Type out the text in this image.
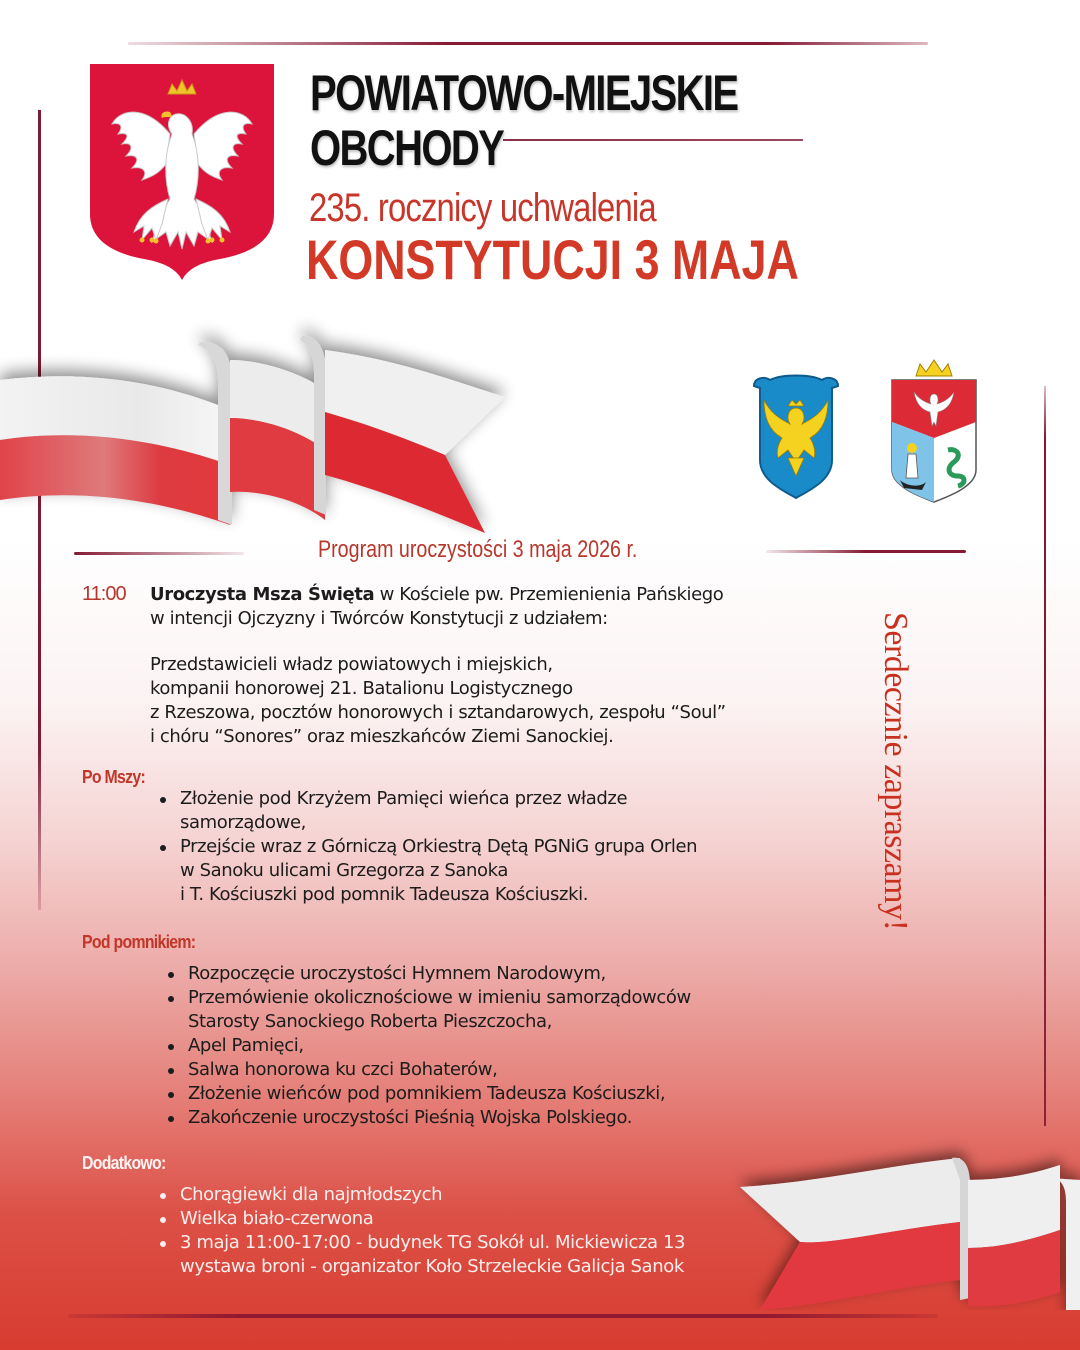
POWIATOWO-MIEJSKIE
OBCHODY
235. rocznicy uchwalenia
KONSTYTUCJI 3 MAJA
Program uroczystości 3 maja 2026 r.
11:00 Uroczysta Msza Święta w Kościele pw. Przemienienia Pańskiego
w intencji Ojczyzny i Twórców Konstytucji z udziałem:
Przedstawicieli władz powiatowych i miejskich,
kompanii honorowej 21. Batalionu Logistycznego
z Rzeszowa, pocztów honorowych i sztandarowych, zespołu “Soul”
i chóru “Sonores” oraz mieszkańców Ziemi Sanockiej.
Po Mszy:
Złożenie pod Krzyżem Pamięci wieńca przez władze
samorządowe,
Przejście wraz z Górniczą Orkiestrą Dętą PGNiG grupa Orlen
w Sanoku ulicami Grzegorza z Sanoka
i T. Kościuszki pod pomnik Tadeusza Kościuszki.
Pod pomnikiem:
Rozpoczęcie uroczystości Hymnem Narodowym,
Przemówienie okolicznościowe w imieniu samorządowców
Starosty Sanockiego Roberta Pieszczocha,
Apel Pamięci,
Salwa honorowa ku czci Bohaterów,
Złożenie wieńców pod pomnikiem Tadeusza Kościuszki,
Zakończenie uroczystości Pieśnią Wojska Polskiego.
Dodatkowo:
Chorągiewki dla najmłodszych
Wielka biało-czerwona
3 maja 11:00-17:00 - budynek TG Sokół ul. Mickiewicza 13
wystawa broni - organizator Koło Strzeleckie Galicja Sanok
Serdecznie zapraszamy!
